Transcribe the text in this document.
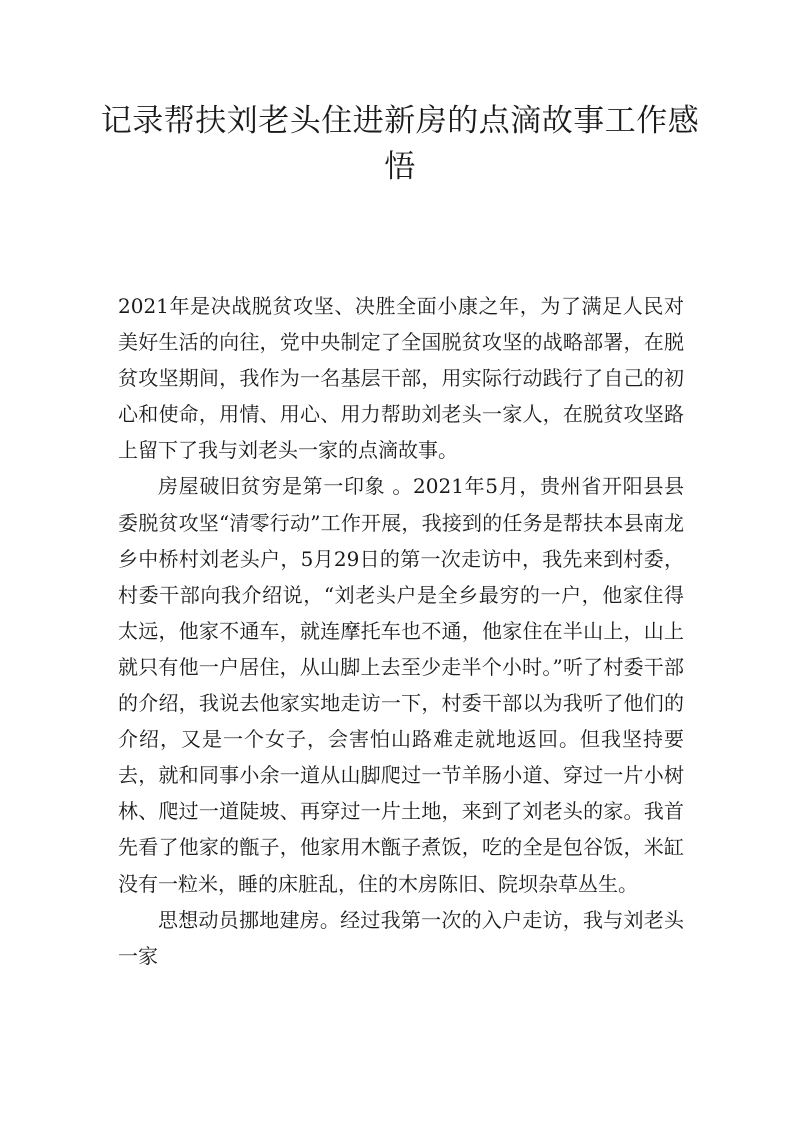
记录帮扶刘老头住进新房的点滴故事工作感悟

2021年是决战脱贫攻坚、决胜全面小康之年，为了满足人民对美好生活的向往，党中央制定了全国脱贫攻坚的战略部署，在脱贫攻坚期间，我作为一名基层干部，用实际行动践行了自己的初心和使命，用情、用心、用力帮助刘老头一家人，在脱贫攻坚路上留下了我与刘老头一家的点滴故事。

房屋破旧贫穷是第一印象 。2021年5月，贵州省开阳县县委脱贫攻坚“清零行动”工作开展，我接到的任务是帮扶本县南龙乡中桥村刘老头户，5月29日的第一次走访中，我先来到村委，村委干部向我介绍说，“刘老头户是全乡最穷的一户，他家住得太远，他家不通车，就连摩托车也不通，他家住在半山上，山上就只有他一户居住，从山脚上去至少走半个小时。”听了村委干部的介绍，我说去他家实地走访一下，村委干部以为我听了他们的介绍，又是一个女子，会害怕山路难走就地返回。但我坚持要去，就和同事小余一道从山脚爬过一节羊肠小道、穿过一片小树林、爬过一道陡坡、再穿过一片土地，来到了刘老头的家。我首先看了他家的甑子，他家用木甑子煮饭，吃的全是包谷饭，米缸没有一粒米，睡的床脏乱，住的木房陈旧、院坝杂草丛生。

思想动员挪地建房。经过我第一次的入户走访，我与刘老头一家
